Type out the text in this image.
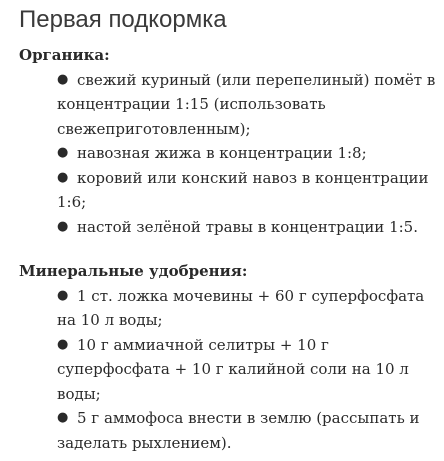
Первая подкормка
Органика:
● свежий куриный (или перепелиный) помёт в концентрации 1:15 (использовать свежеприготовленным);
● навозная жижа в концентрации 1:8;
● коровий или конский навоз в концентрации 1:6;
● настой зелёной травы в концентрации 1:5.
Минеральные удобрения:
● 1 ст. ложка мочевины + 60 г суперфосфата на 10 л воды;
● 10 г аммиачной селитры + 10 г суперфосфата + 10 г калийной соли на 10 л воды;
● 5 г аммофоса внести в землю (рассыпать и заделать рыхлением).
